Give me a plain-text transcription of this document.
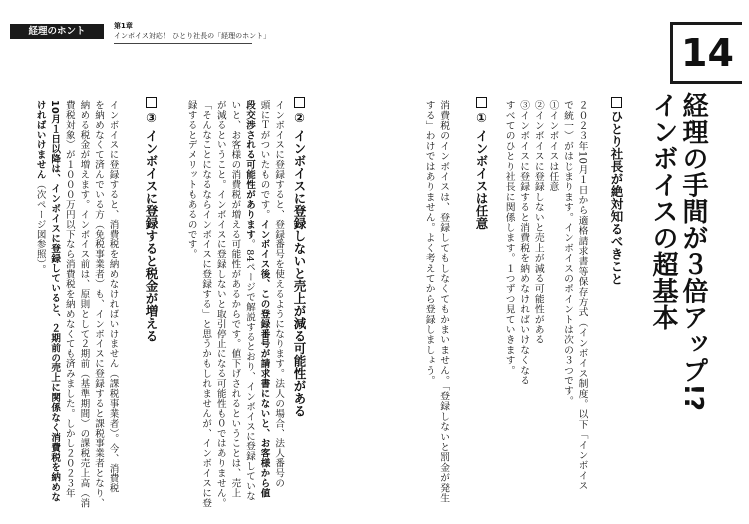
経理のホント	第1章
インボイス対応！ ひとり社長の「経理のホント」	14
経理の手間が３倍アップ!?
インボイスの超基本
ひとり社長が絶対知るべきこと
２０２３年10月１日から適格請求書等保存方式（インボイス制度。以下「インボイス
で統一）がはじまります。インボイスのポイントは次の３つです。
①インボイスは任意
②インボイスに登録しないと売上が減る可能性がある
③インボイスに登録すると消費税を納めなければいけなくなる
すべてのひとり社長に関係します。１つずつ見ていきます。
① インボイスは任意
消費税のインボイスは、登録してもしなくてもかまいません。「登録しないと罰金が発生
する」わけではありません。よく考えてから登録しましょう。
② インボイスに登録しないと売上が減る可能性がある
インボイスに登録すると、登録番号を使えるようになります。法人の場合、法人番号の
頭にＴがついたものです。インボイス後、この登録番号が請求書にないと、お客様から値
段交渉される可能性があります。84ページで解説するとおり、インボイスに登録していな
いと、お客様の消費税が増える可能性があるからです。値下げされるということは、売上
が減るということ。インボイスに登録しないと取引停止になる可能性も０ではありません。
「そんなことになるならインボイスに登録する」と思うかもしれませんが、インボイスに登
録するとデメリットもあるのです。
③ インボイスに登録すると税金が増える
インボイスに登録すると、消費税を納めなければいけません（課税事業者）。今、消費税
を納めなくて済んでいる方（免税事業者）も、インボイスに登録すると課税事業者となり、
納める税金が増えます。インボイス前は、原則として２期前（基準期間）の課税売上高（消
費税対象）が１０００万円以下なら消費税を納めなくても済みました。しかし２０２３年
10月１日以降は、インボイスに登録していると、２期前の売上に関係なく消費税を納めな
ければいけません（次ページ図参照）。
